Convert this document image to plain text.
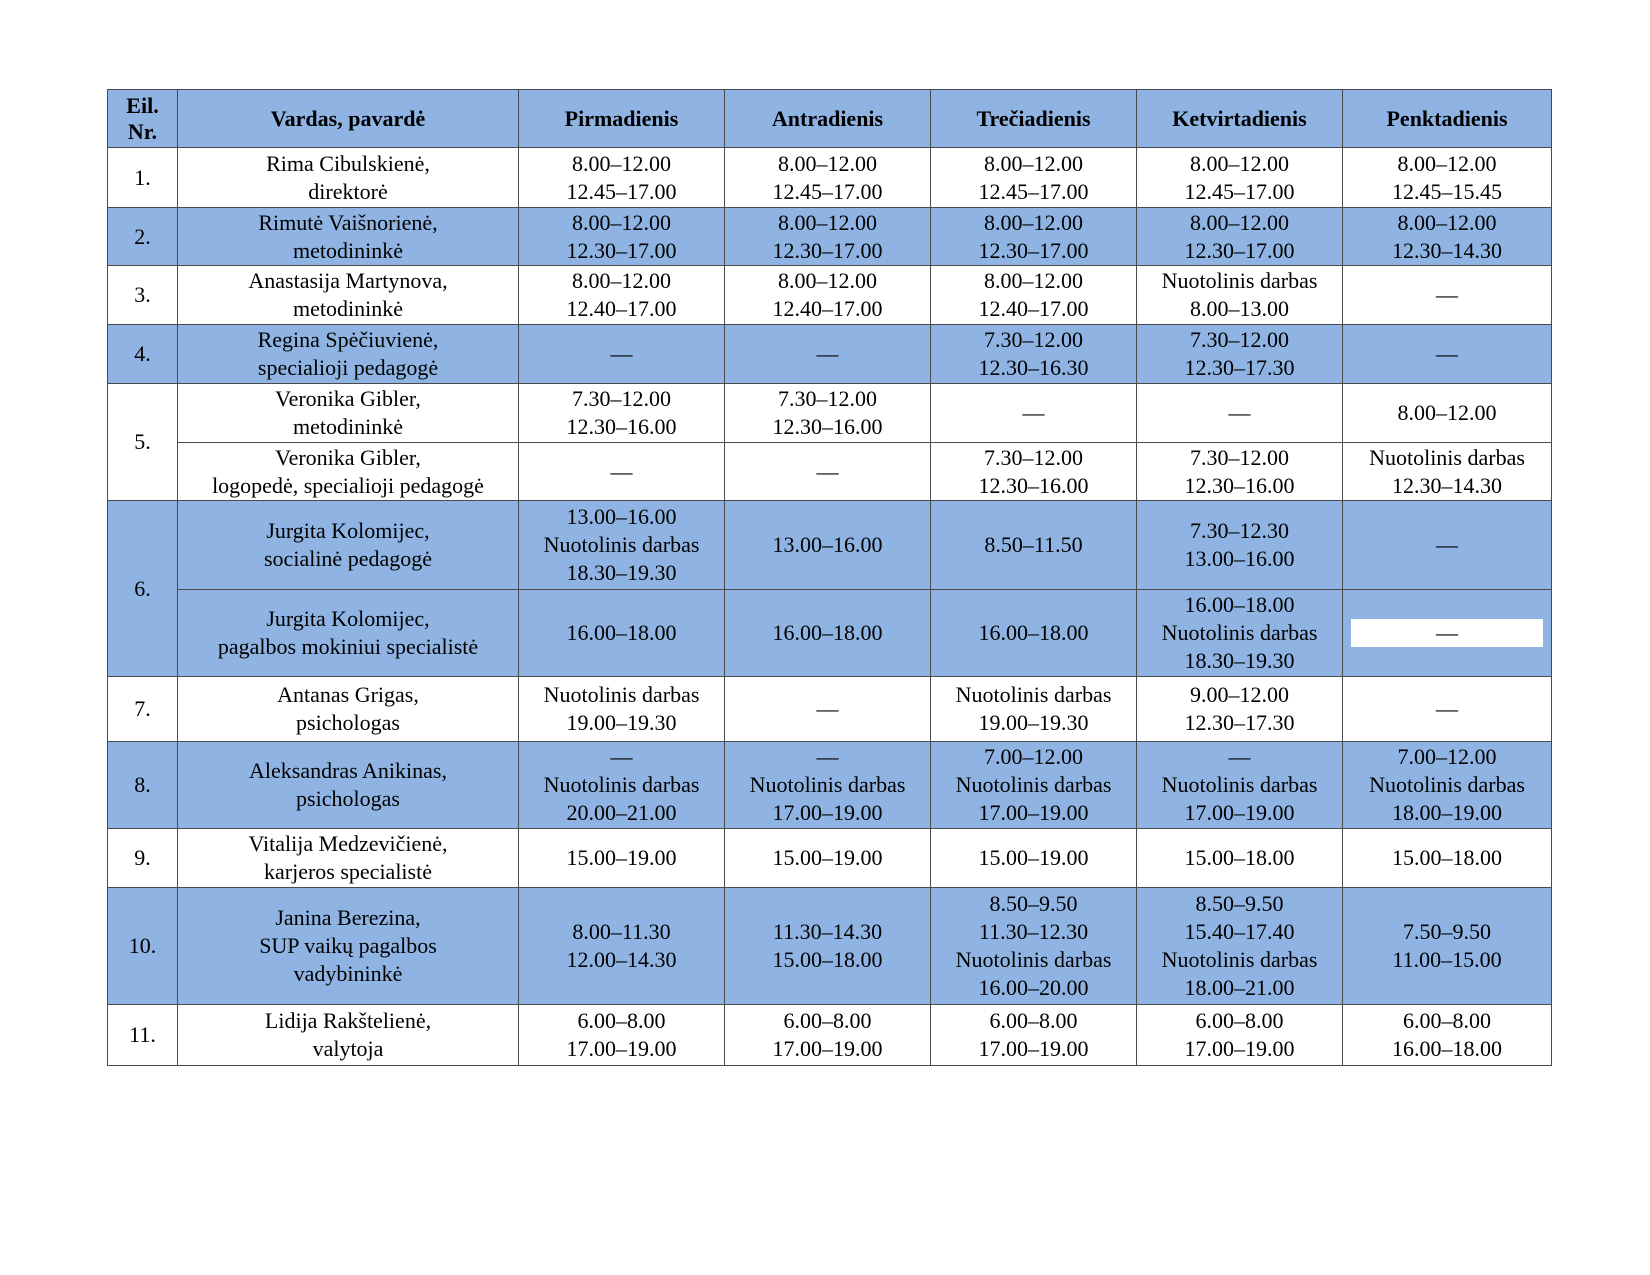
Eil.
Nr.	Vardas, pavardė	Pirmadienis	Antradienis	Trečiadienis	Ketvirtadienis	Penktadienis
1.	Rima Cibulskienė,
direktorė	8.00–12.00
12.45–17.00	8.00–12.00
12.45–17.00	8.00–12.00
12.45–17.00	8.00–12.00
12.45–17.00	8.00–12.00
12.45–15.45

2.	Rimutė Vaišnorienė,
metodininkė	8.00–12.00
12.30–17.00	8.00–12.00
12.30–17.00	8.00–12.00
12.30–17.00	8.00–12.00
12.30–17.00	8.00–12.00
12.30–14.30

3.	Anastasija Martynova,
metodininkė	8.00–12.00
12.40–17.00	8.00–12.00
12.40–17.00	8.00–12.00
12.40–17.00	Nuotolinis darbas
8.00–13.00	—

4.	Regina Spėčiuvienė,
specialioji pedagogė	—	—	7.30–12.00
12.30–16.30	7.30–12.00
12.30–17.30	—

5.	Veronika Gibler,
metodininkė	7.30–12.00
12.30–16.00	7.30–12.00
12.30–16.00	—	—	8.00–12.00

	Veronika Gibler,
logopedė, specialioji pedagogė	—	—	7.30–12.00
12.30–16.00	7.30–12.00
12.30–16.00	Nuotolinis darbas
12.30–14.30

6.	Jurgita Kolomijec,
socialinė pedagogė	13.00–16.00
Nuotolinis darbas
18.30–19.30	13.00–16.00	8.50–11.50	7.30–12.30
13.00–16.00	—

	Jurgita Kolomijec,
pagalbos mokiniui specialistė	16.00–18.00	16.00–18.00	16.00–18.00	16.00–18.00
Nuotolinis darbas
18.30–19.30	—

7.	Antanas Grigas,
psichologas	Nuotolinis darbas
19.00–19.30	—	Nuotolinis darbas
19.00–19.30	9.00–12.00
12.30–17.30	—

8.	Aleksandras Anikinas,
psichologas	—
Nuotolinis darbas
20.00–21.00	—
Nuotolinis darbas
17.00–19.00	7.00–12.00
Nuotolinis darbas
17.00–19.00	—
Nuotolinis darbas
17.00–19.00	7.00–12.00
Nuotolinis darbas
18.00–19.00

9.	Vitalija Medzevičienė,
karjeros specialistė	15.00–19.00	15.00–19.00	15.00–19.00	15.00–18.00	15.00–18.00

10.	Janina Berezina,
SUP vaikų pagalbos
vadybininkė	8.00–11.30
12.00–14.30	11.30–14.30
15.00–18.00	8.50–9.50
11.30–12.30
Nuotolinis darbas
16.00–20.00	8.50–9.50
15.40–17.40
Nuotolinis darbas
18.00–21.00	7.50–9.50
11.00–15.00

11.	Lidija Rakštelienė,
valytoja	6.00–8.00
17.00–19.00	6.00–8.00
17.00–19.00	6.00–8.00
17.00–19.00	6.00–8.00
17.00–19.00	6.00–8.00
16.00–18.00
